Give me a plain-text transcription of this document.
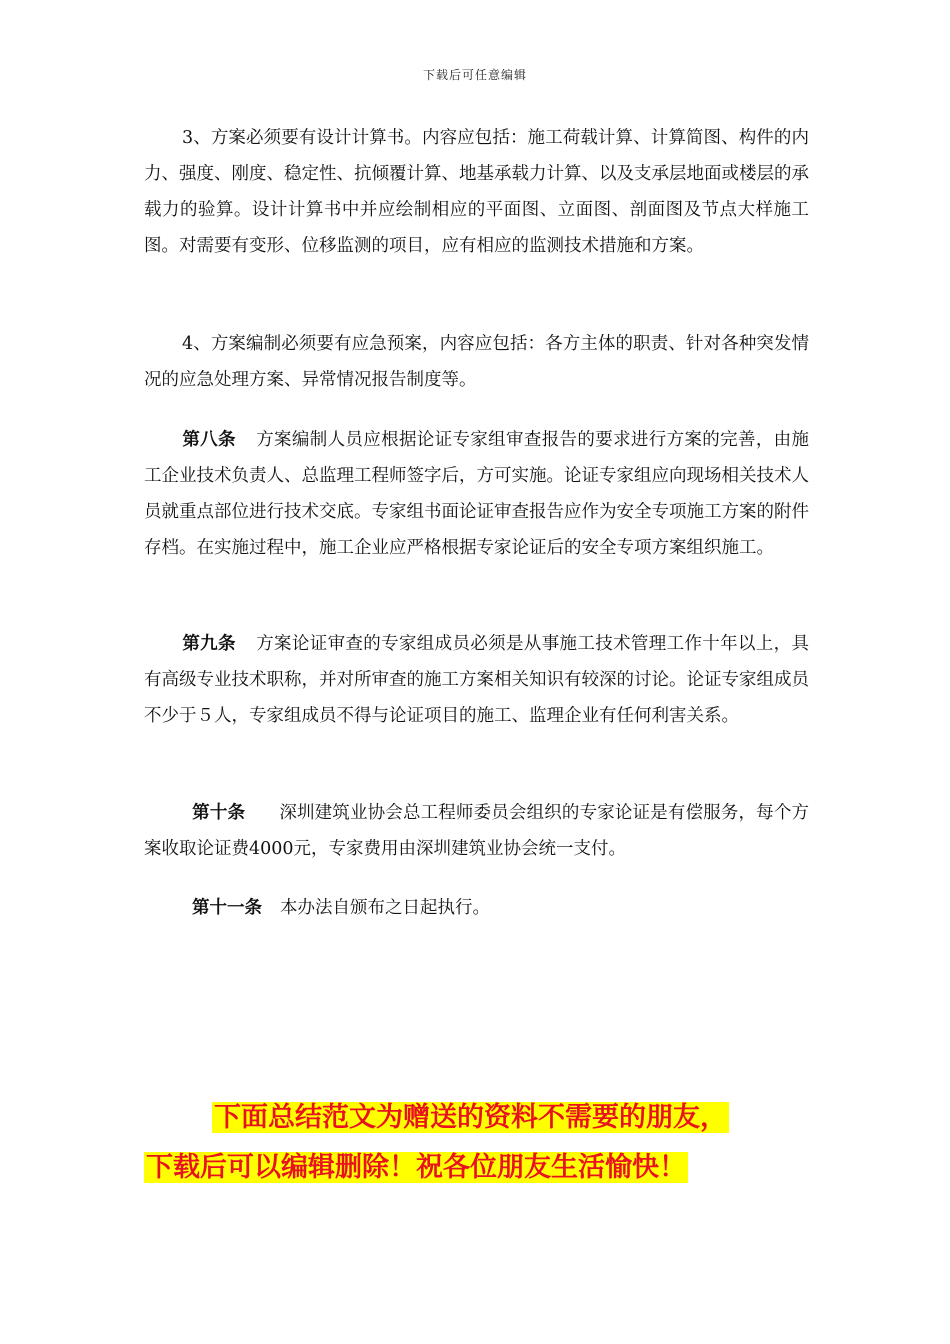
下载后可任意编辑

3、方案必须要有设计计算书。内容应包括：施工荷载计算、计算简图、构件的内力、强度、刚度、稳定性、抗倾覆计算、地基承载力计算、以及支承层地面或楼层的承载力的验算。设计计算书中并应绘制相应的平面图、立面图、剖面图及节点大样施工图。对需要有变形、位移监测的项目，应有相应的监测技术措施和方案。

4、方案编制必须要有应急预案，内容应包括：各方主体的职责、针对各种突发情况的应急处理方案、异常情况报告制度等。

第八条 方案编制人员应根据论证专家组审查报告的要求进行方案的完善，由施工企业技术负责人、总监理工程师签字后，方可实施。论证专家组应向现场相关技术人员就重点部位进行技术交底。专家组书面论证审查报告应作为安全专项施工方案的附件存档。在实施过程中，施工企业应严格根据专家论证后的安全专项方案组织施工。

第九条 方案论证审查的专家组成员必须是从事施工技术管理工作十年以上，具有高级专业技术职称，并对所审查的施工方案相关知识有较深的讨论。论证专家组成员不少于５人，专家组成员不得与论证项目的施工、监理企业有任何利害关系。

第十条 深圳建筑业协会总工程师委员会组织的专家论证是有偿服务，每个方案收取论证费4000元，专家费用由深圳建筑业协会统一支付。

第十一条 本办法自颁布之日起执行。

下面总结范文为赠送的资料不需要的朋友，

下载后可以编辑删除！祝各位朋友生活愉快！
